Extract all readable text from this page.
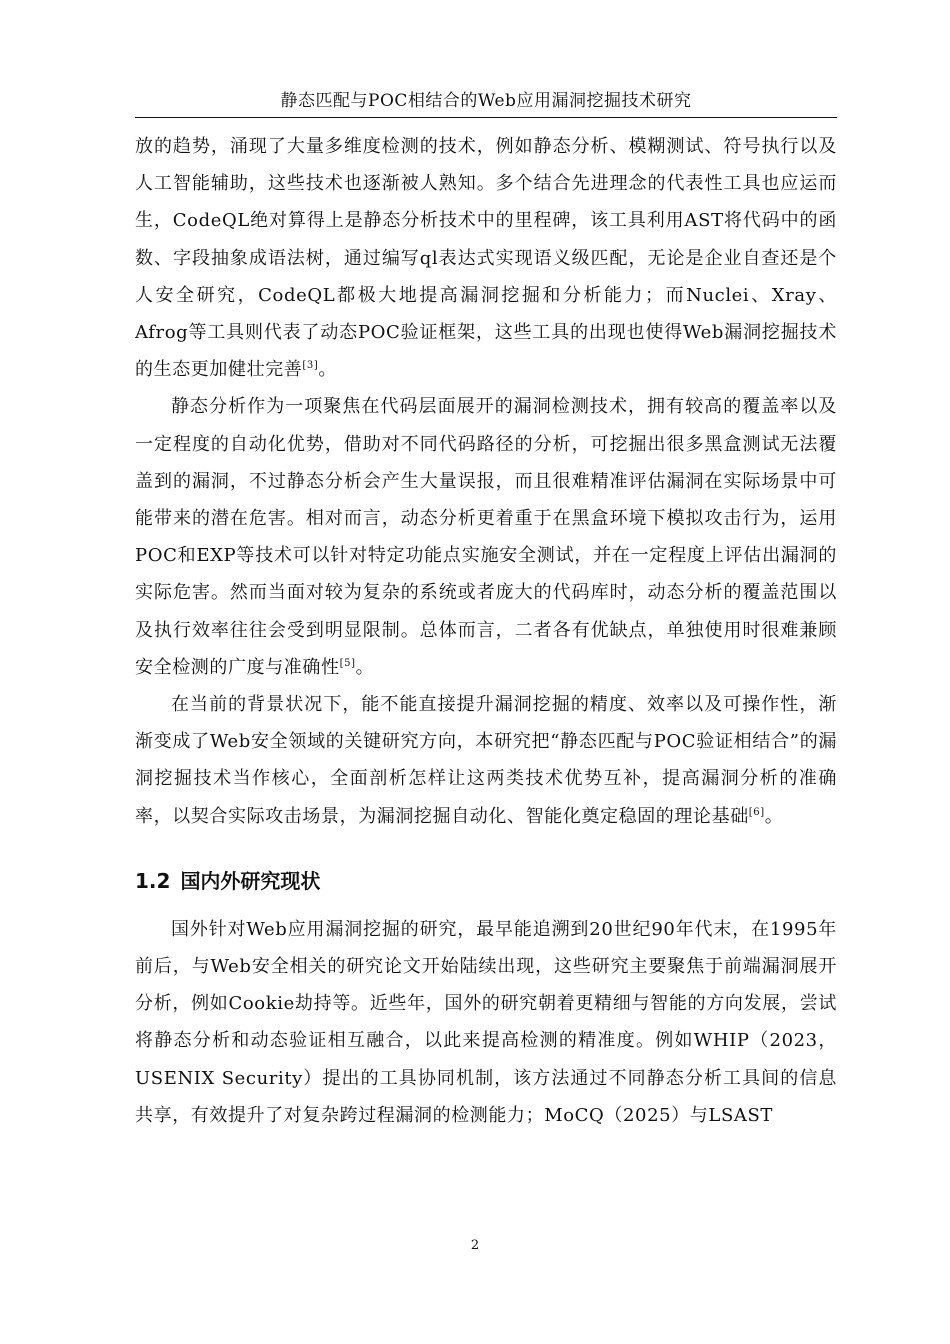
静态匹配与POC相结合的Web应用漏洞挖掘技术研究

放的趋势，涌现了大量多维度检测的技术，例如静态分析、模糊测试、符号执行以及人工智能辅助，这些技术也逐渐被人熟知。多个结合先进理念的代表性工具也应运而生，CodeQL绝对算得上是静态分析技术中的里程碑，该工具利用AST将代码中的函数、字段抽象成语法树，通过编写ql表达式实现语义级匹配，无论是企业自查还是个人安全研究，CodeQL都极大地提高漏洞挖掘和分析能力；而Nuclei、Xray、Afrog等工具则代表了动态POC验证框架，这些工具的出现也使得Web漏洞挖掘技术的生态更加健壮完善[3]。

静态分析作为一项聚焦在代码层面展开的漏洞检测技术，拥有较高的覆盖率以及一定程度的自动化优势，借助对不同代码路径的分析，可挖掘出很多黑盒测试无法覆盖到的漏洞，不过静态分析会产生大量误报，而且很难精准评估漏洞在实际场景中可能带来的潜在危害。相对而言，动态分析更着重于在黑盒环境下模拟攻击行为，运用POC和EXP等技术可以针对特定功能点实施安全测试，并在一定程度上评估出漏洞的实际危害。然而当面对较为复杂的系统或者庞大的代码库时，动态分析的覆盖范围以及执行效率往往会受到明显限制。总体而言，二者各有优缺点，单独使用时很难兼顾安全检测的广度与准确性[5]。

在当前的背景状况下，能不能直接提升漏洞挖掘的精度、效率以及可操作性，渐渐变成了Web安全领域的关键研究方向，本研究把“静态匹配与POC验证相结合”的漏洞挖掘技术当作核心，全面剖析怎样让这两类技术优势互补，提高漏洞分析的准确率，以契合实际攻击场景，为漏洞挖掘自动化、智能化奠定稳固的理论基础[6]。

1.2 国内外研究现状

国外针对Web应用漏洞挖掘的研究，最早能追溯到20世纪90年代末，在1995年前后，与Web安全相关的研究论文开始陆续出现，这些研究主要聚焦于前端漏洞展开分析，例如Cookie劫持等。近些年，国外的研究朝着更精细与智能的方向发展，尝试将静态分析和动态验证相互融合，以此来提高检测的精准度。例如WHIP（2023，USENIX Security）提出的工具协同机制，该方法通过不同静态分析工具间的信息共享，有效提升了对复杂跨过程漏洞的检测能力；MoCQ（2025）与LSAST

2
